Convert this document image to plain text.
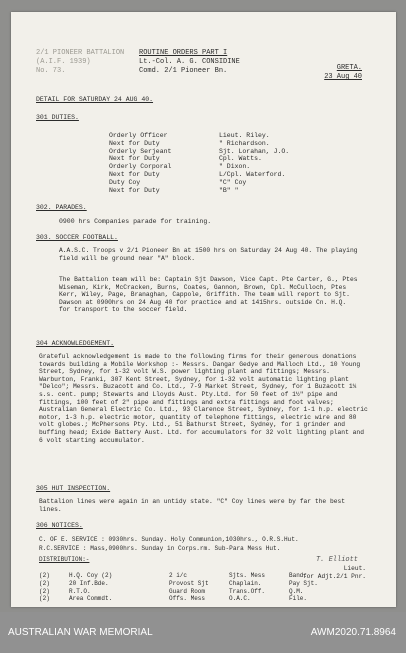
2/1 PIONEER BATTALION
(A.I.F. 1939)
No. 73.
ROUTINE ORDERS PART I
Lt.-Col. A. G. CONSIDINE
Comd. 2/1 Pioneer Bn.	GRETA.
23 Aug 40
DETAIL FOR SATURDAY 24 AUG 40.
301 DUTIES.
Orderly Officer	Lieut. Riley.
Next for Duty	" Richardson.
Orderly Serjeant	Sjt. Lorahan, J.O.
Next for Duty	Cpl. Watts.
Orderly Corporal	" Dixon.
Next for Duty	L/Cpl. Waterford.
Duty Coy	"C" Coy
Next for Duty	"B" "
302. PARADES.
0900 hrs Companies parade for training.
303. SOCCER FOOTBALL.
A.A.S.C. Troops v 2/1 Pioneer Bn at 1500 hrs on Saturday 24 Aug 40. The playing field will be ground near "A" block.
The Battalion team will be: Captain Sjt Dawson, Vice Capt. Pte Carter, G., Ptes Wiseman, Kirk, McCracken, Burns, Coates, Gannon, Brown, Cpl. McCulloch, Ptes Kerr, Wiley, Page, Branaghan, Cappole, Griffith. The team will report to Sjt. Dawson at 0900hrs on 24 Aug 40 for practice and at 1415hrs. outside Cn. H.Q. for transport to the soccer field.
304 ACKNOWLEDGEMENT.
Grateful acknowledgement is made to the following firms for their generous donations towards building a Mobile Workshop :- Messrs. Dangar Gedye and Malloch Ltd., 10 Young Street, Sydney, for 1-32 volt W.S. power lighting plant and fittings; Messrs. Warburton, Franki, 307 Kent Street, Sydney, for 1-32 volt automatic lighting plant "Delco"; Messrs. Buzacott and Co. Ltd., 7-9 Market Street, Sydney, for 1 Buzacott 1¼ s.s. cent. pump; Stewarts and Lloyds Aust. Pty.Ltd. for 50 feet of 1½" pipe and fittings, 100 feet of 2" pipe and fittings and extra fittings and foot valves; Australian General Electric Co. Ltd., 93 Clarence Street, Sydney, for 1-1 h.p. electric motor, 1-3 h.p. electric motor, quantity of telephone fittings, electric wire and 80 volt globes.; McPhersons Pty. Ltd., 51 Bathurst Street, Sydney, for 1 grinder and buffing head; Exide Battery Aust. Ltd. for accumulators for 32 volt lighting plant and 6 volt starting accumulator.
305 HUT INSPECTION.
Battalion lines were again in an untidy state. "C" Coy lines were by far the best lines.
306 NOTICES.
C. OF E. SERVICE : 0930hrs. Sunday. Holy Communion,1030hrs., O.R.S.Hut.
R.C.SERVICE : Mass,0900hrs. Sunday in Corps.rm. Sub-Para Mess Hut.
T. Elliott
Lieut.
for Adjt.2/1 Pnr.
DISTRIBUTION:-
(2)	H.Q. Coy (2)	2 i/c	Sjts. Mess	Band.
(2)	20 Inf.Bde.	Provost Sjt	Chaplain.	Pay Sjt.
(2)	R.T.O.	Guard Room	Trans.Off.	Q.M.
(2)	Area Commdt.	Offs. Mess	O.A.C.	File.
AUSTRALIAN WAR MEMORIAL	AWM2020.71.8964
